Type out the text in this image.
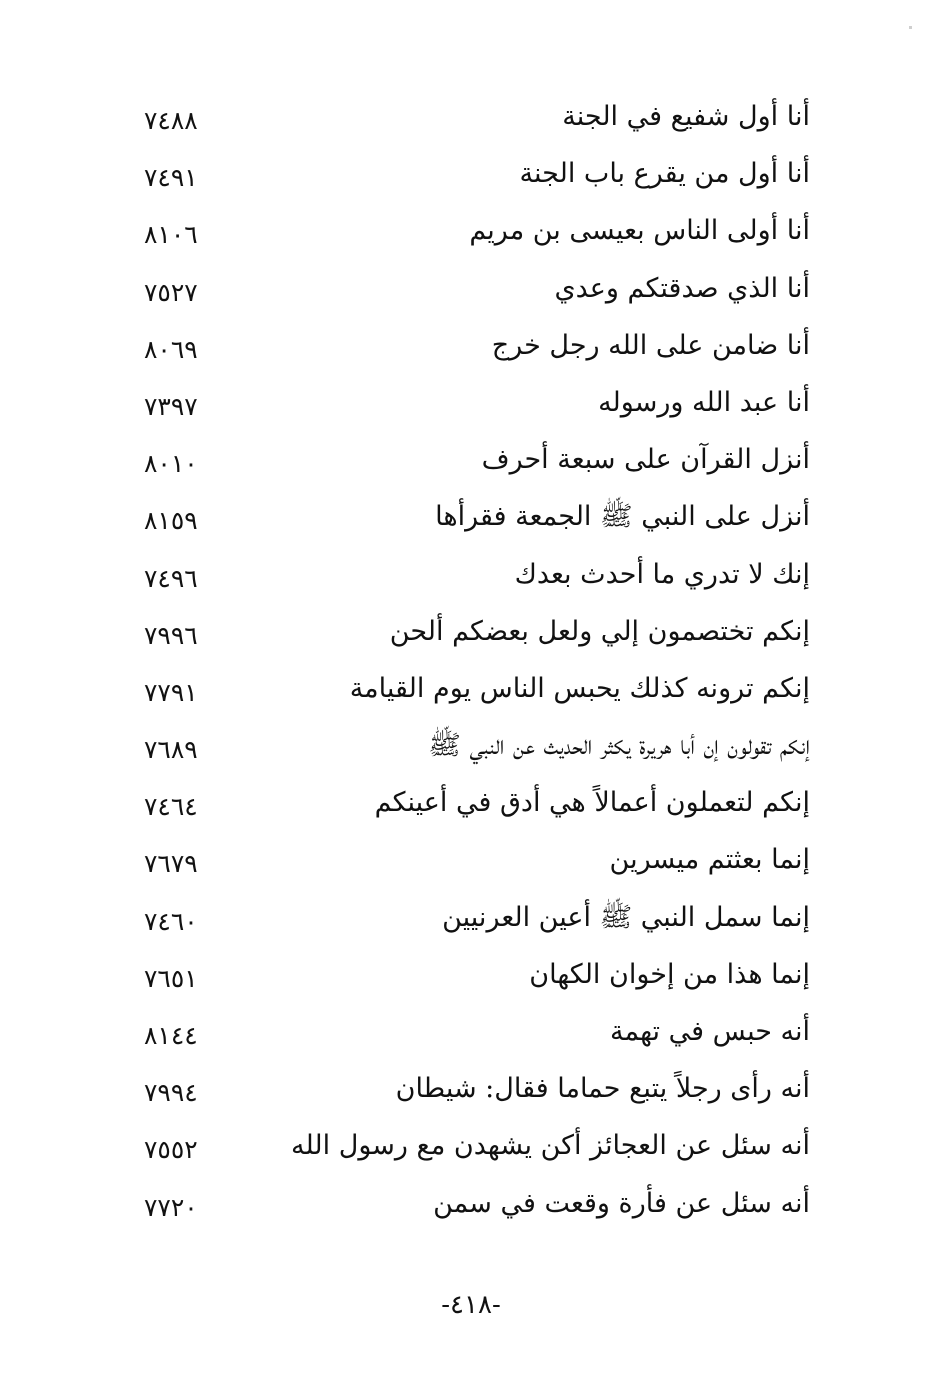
أنا أول شفيع في الجنة
٧٤٨٨
أنا أول من يقرع باب الجنة
٧٤٩١
أنا أولى الناس بعيسى بن مريم
٨١٠٦
أنا الذي صدقتكم وعدي
٧٥٢٧
أنا ضامن على الله رجل خرج
٨٠٦٩
أنا عبد الله ورسوله
٧٣٩٧
أنزل القرآن على سبعة أحرف
٨٠١٠
أنزل على النبي ﷺ الجمعة فقرأها
٨١٥٩
إنك لا تدري ما أحدث بعدك
٧٤٩٦
إنكم تختصمون إلي ولعل بعضكم ألحن
٧٩٩٦
إنكم ترونه كذلك يحبس الناس يوم القيامة
٧٧٩١
إنكم تقولون إن أبا هريرة يكثر الحديث عن النبي ﷺ
٧٦٨٩
إنكم لتعملون أعمالاً هي أدق في أعينكم
٧٤٦٤
إنما بعثتم ميسرين
٧٦٧٩
إنما سمل النبي ﷺ أعين العرنيين
٧٤٦٠
إنما هذا من إخوان الكهان
٧٦٥١
أنه حبس في تهمة
٨١٤٤
أنه رأى رجلاً يتبع حماما فقال: شيطان
٧٩٩٤
أنه سئل عن العجائز أكن يشهدن مع رسول الله
٧٥٥٢
أنه سئل عن فأرة وقعت في سمن
٧٧٢٠
-٤١٨-
